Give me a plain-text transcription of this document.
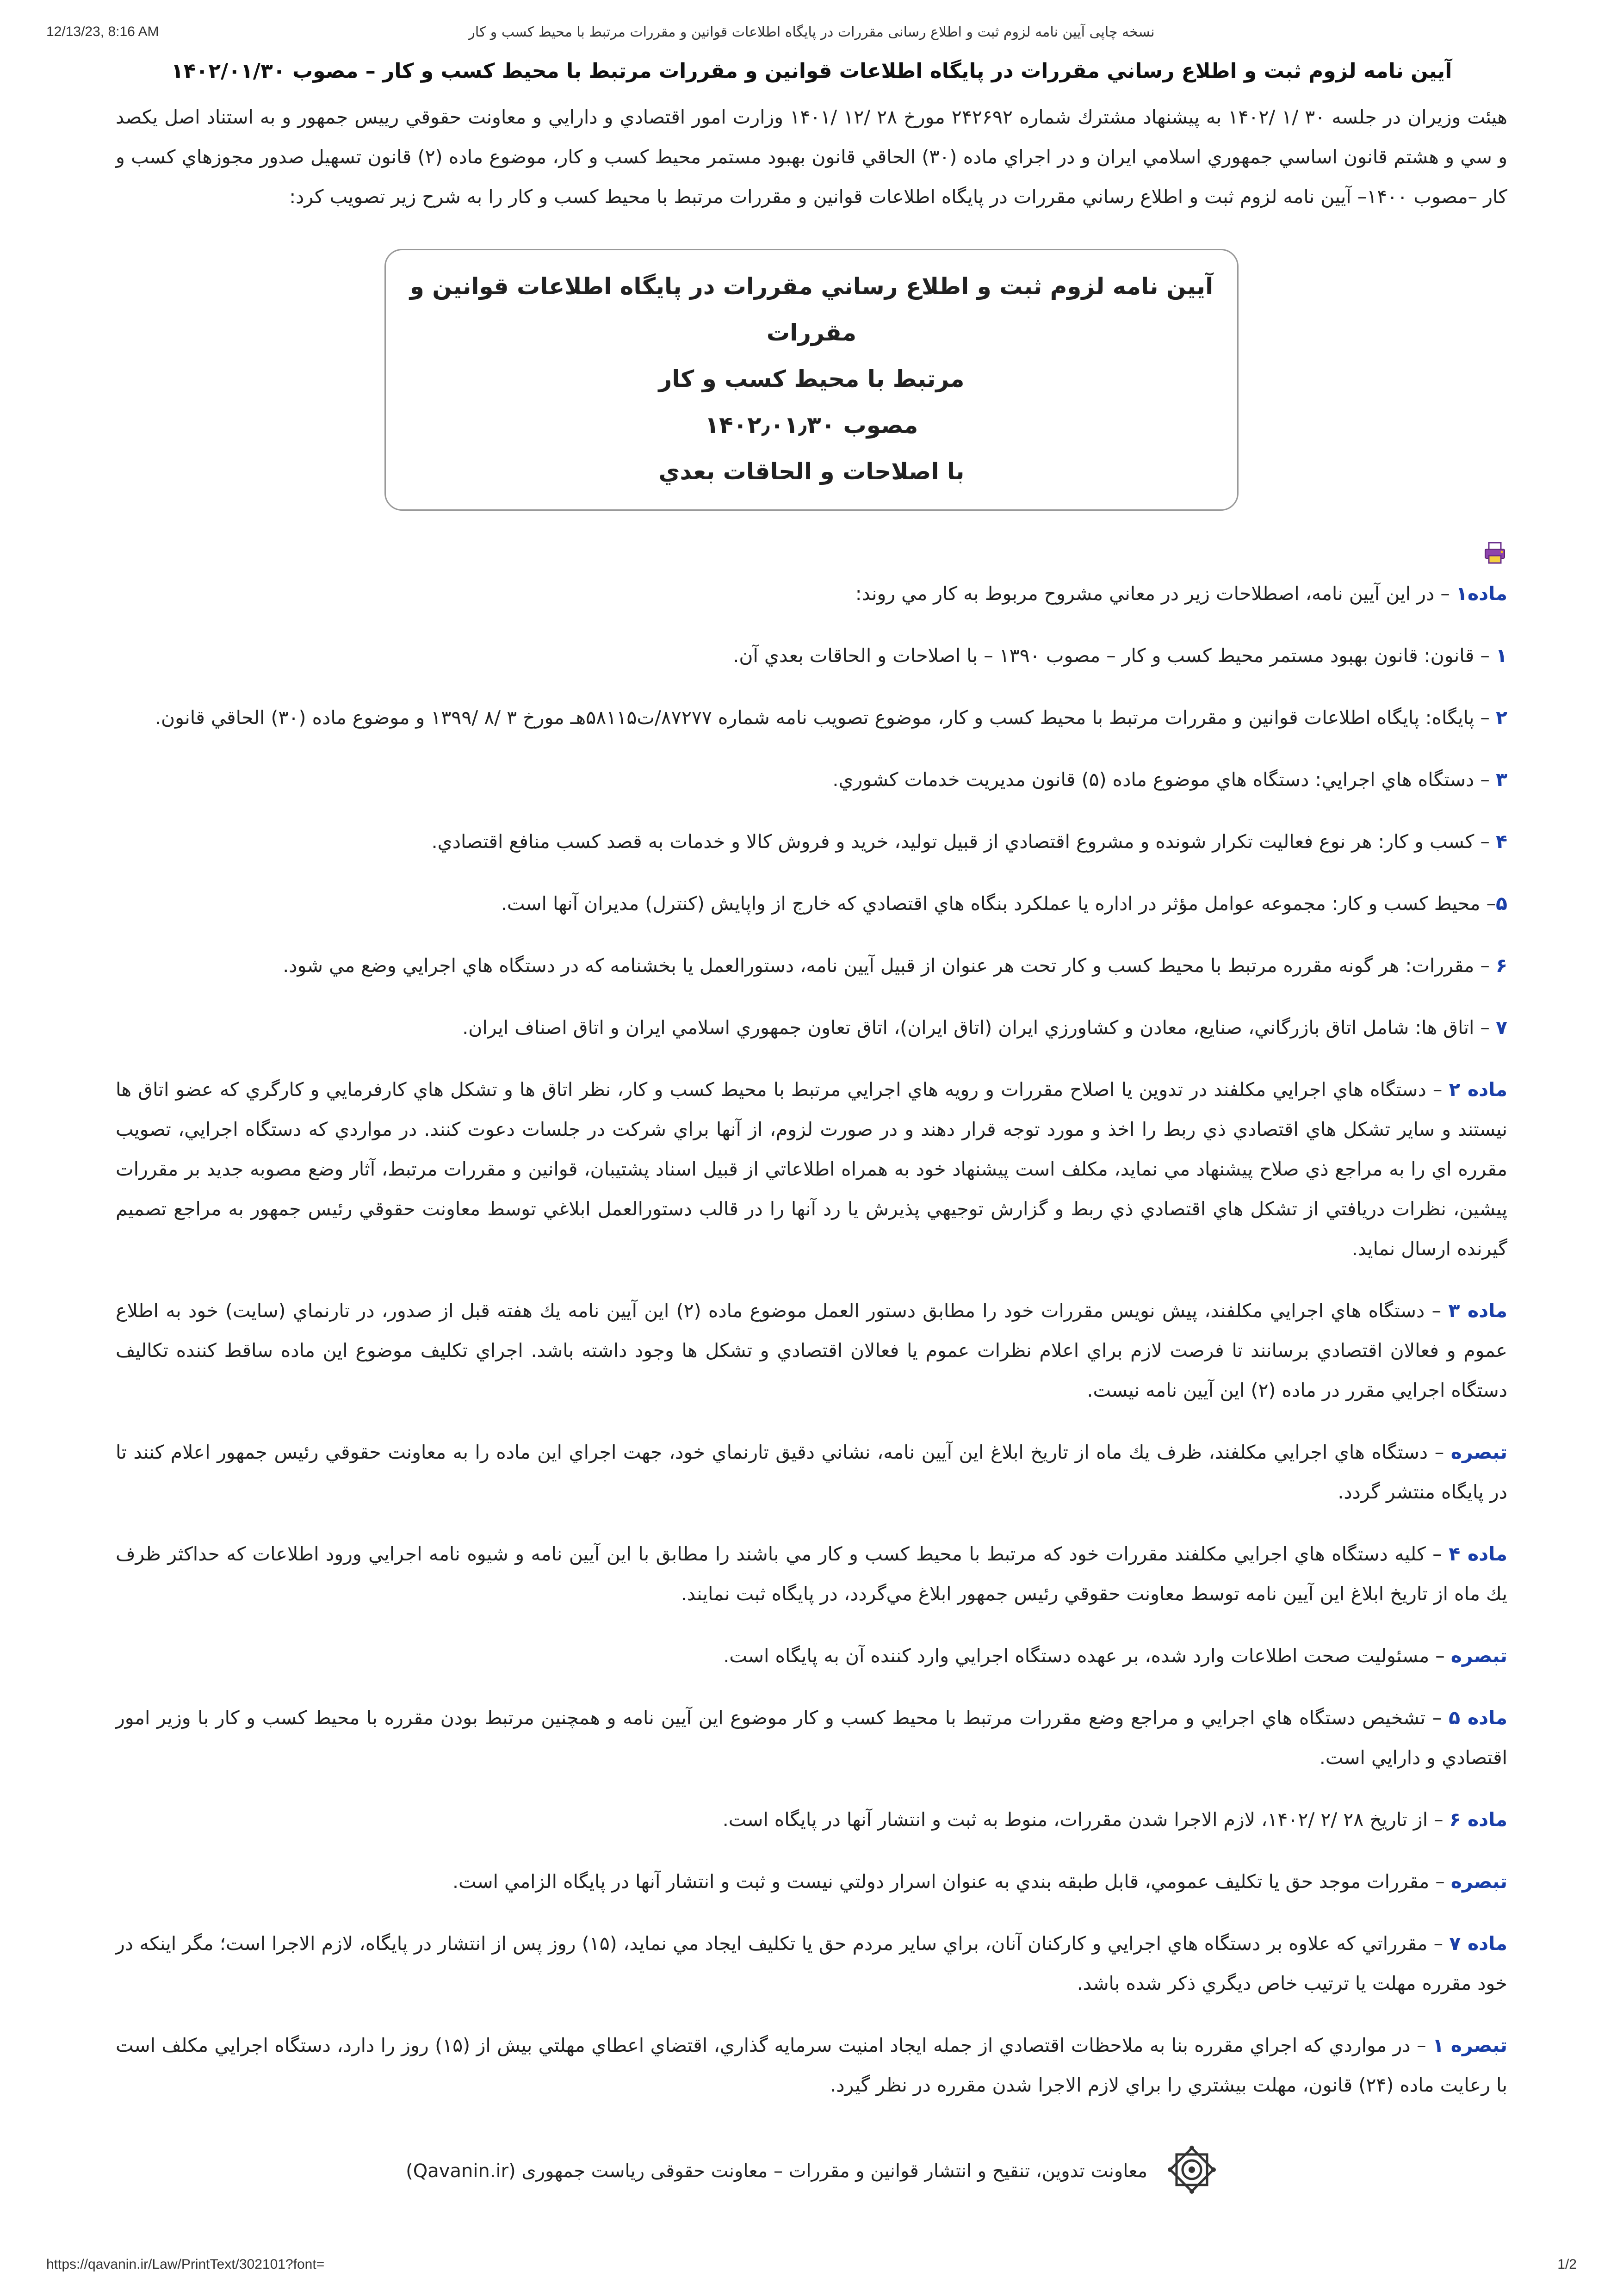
12/13/23, 8:16 AM	نسخه چاپی آیین نامه لزوم ثبت و اطلاع رسانی مقررات در پایگاه اطلاعات قوانین و مقررات مرتبط با محیط کسب و کار
آيين نامه لزوم ثبت و اطلاع رساني مقررات در پايگاه اطلاعات قوانين و مقررات مرتبط با محيط كسب و كار – مصوب ۱۴۰۲/۰۱/۳۰

هيئت وزيران در جلسه ۳۰ /۱ /۱۴۰۲ به پيشنهاد مشترك شماره ۲۴۲۶۹۲ مورخ ۲۸ /۱۲ /۱۴۰۱ وزارت امور اقتصادي و دارايي و معاونت حقوقي رييس جمهور و به استناد اصل يكصد و سي و هشتم قانون اساسي جمهوري اسلامي ايران و در اجراي ماده (۳۰) الحاقي قانون بهبود مستمر محيط كسب و كار، موضوع ماده (۲) قانون تسهيل صدور مجوزهاي كسب و كار –مصوب ۱۴۰۰– آيين نامه لزوم ثبت و اطلاع رساني مقررات در پايگاه اطلاعات قوانين و مقررات مرتبط با محيط كسب و كار را به شرح زير تصويب كرد:

آيين نامه لزوم ثبت و اطلاع رساني مقررات در پايگاه اطلاعات قوانين و مقررات
مرتبط با محيط كسب و كار
مصوب ۱۴۰۲٫۰۱٫۳۰
با اصلاحات و الحاقات بعدي

ماده۱ – در اين آيين نامه، اصطلاحات زير در معاني مشروح مربوط به كار مي روند:

۱ – قانون: قانون بهبود مستمر محيط كسب و كار – مصوب ۱۳۹۰ – با اصلاحات و الحاقات بعدي آن.

۲ – پايگاه: پايگاه اطلاعات قوانين و مقررات مرتبط با محيط كسب و كار، موضوع تصويب نامه شماره ۸۷۲۷۷/ت۵۸۱۱۵هـ مورخ ۳ /۸ /۱۳۹۹ و موضوع ماده (۳۰) الحاقي قانون.

۳ – دستگاه هاي اجرايي: دستگاه هاي موضوع ماده (۵) قانون مديريت خدمات كشوري.

۴ – كسب و كار: هر نوع فعاليت تكرار شونده و مشروع اقتصادي از قبيل توليد، خريد و فروش كالا و خدمات به قصد كسب منافع اقتصادي.

۵– محيط كسب و كار: مجموعه عوامل مؤثر در اداره يا عملكرد بنگاه هاي اقتصادي كه خارج از واپايش (كنترل) مديران آنها است.

۶ – مقررات: هر گونه مقرره مرتبط با محيط كسب و كار تحت هر عنوان از قبيل آيين نامه، دستورالعمل يا بخشنامه كه در دستگاه هاي اجرايي وضع مي شود.

۷ – اتاق ها: شامل اتاق بازرگاني، صنايع، معادن و كشاورزي ايران (اتاق ايران)، اتاق تعاون جمهوري اسلامي ايران و اتاق اصناف ايران.

ماده ۲ – دستگاه هاي اجرايي مكلفند در تدوين يا اصلاح مقررات و رويه هاي اجرايي مرتبط با محيط كسب و كار، نظر اتاق ها و تشكل هاي كارفرمايي و كارگري كه عضو اتاق ها نيستند و ساير تشكل هاي اقتصادي ذي ربط را اخذ و مورد توجه قرار دهند و در صورت لزوم، از آنها براي شركت در جلسات دعوت كنند. در مواردي كه دستگاه اجرايي، تصويب مقرره اي را به مراجع ذي صلاح پيشنهاد مي نمايد، مكلف است پيشنهاد خود به همراه اطلاعاتي از قبيل اسناد پشتيبان، قوانين و مقررات مرتبط، آثار وضع مصوبه جديد بر مقررات پيشين، نظرات دريافتي از تشكل هاي اقتصادي ذي ربط و گزارش توجيهي پذيرش يا رد آنها را در قالب دستورالعمل ابلاغي توسط معاونت حقوقي رئيس جمهور به مراجع تصميم گيرنده ارسال نمايد.

ماده ۳ – دستگاه هاي اجرايي مكلفند، پيش نويس مقررات خود را مطابق دستور العمل موضوع ماده (۲) اين آيين نامه يك هفته قبل از صدور، در تارنماي (سايت) خود به اطلاع عموم و فعالان اقتصادي برسانند تا فرصت لازم براي اعلام نظرات عموم يا فعالان اقتصادي و تشكل ها وجود داشته باشد. اجراي تكليف موضوع اين ماده ساقط كننده تكاليف دستگاه اجرايي مقرر در ماده (۲) اين آيين نامه نيست.

تبصره – دستگاه هاي اجرايي مكلفند، ظرف يك ماه از تاريخ ابلاغ اين آيين نامه، نشاني دقيق تارنماي خود، جهت اجراي اين ماده را به معاونت حقوقي رئيس جمهور اعلام كنند تا در پايگاه منتشر گردد.

ماده ۴ – كليه دستگاه هاي اجرايي مكلفند مقررات خود كه مرتبط با محيط كسب و كار مي باشند را مطابق با اين آيين نامه و شيوه نامه اجرايي ورود اطلاعات كه حداكثر ظرف يك ماه از تاريخ ابلاغ اين آيين نامه توسط معاونت حقوقي رئيس جمهور ابلاغ مي‌گردد، در پايگاه ثبت نمايند.

تبصره – مسئوليت صحت اطلاعات وارد شده، بر عهده دستگاه اجرايي وارد كننده آن به پايگاه است.

ماده ۵ – تشخيص دستگاه هاي اجرايي و مراجع وضع مقررات مرتبط با محيط كسب و كار موضوع اين آيين نامه و همچنين مرتبط بودن مقرره با محيط كسب و كار با وزير امور اقتصادي و دارايي است.

ماده ۶ – از تاريخ ۲۸ /۲ /۱۴۰۲، لازم الاجرا شدن مقررات، منوط به ثبت و انتشار آنها در پايگاه است.

تبصره – مقررات موجد حق يا تكليف عمومي، قابل طبقه بندي به عنوان اسرار دولتي نيست و ثبت و انتشار آنها در پايگاه الزامي است.

ماده ۷ – مقرراتي كه علاوه بر دستگاه هاي اجرايي و كاركنان آنان، براي ساير مردم حق يا تكليف ايجاد مي نمايد، (۱۵) روز پس از انتشار در پايگاه، لازم الاجرا است؛ مگر اينكه در خود مقرره مهلت يا ترتيب خاص ديگري ذكر شده باشد.

تبصره ۱ – در مواردي كه اجراي مقرره بنا به ملاحظات اقتصادي از جمله ايجاد امنيت سرمايه گذاري، اقتضاي اعطاي مهلتي بيش از (۱۵) روز را دارد، دستگاه اجرايي مكلف است با رعايت ماده (۲۴) قانون، مهلت بيشتري را براي لازم الاجرا شدن مقرره در نظر گيرد.

معاونت تدوين، تنقيح و انتشار قوانين و مقررات – معاونت حقوقی رياست جمهوری (Qavanin.ir)
https://qavanin.ir/Law/PrintText/302101?font=	1/2
